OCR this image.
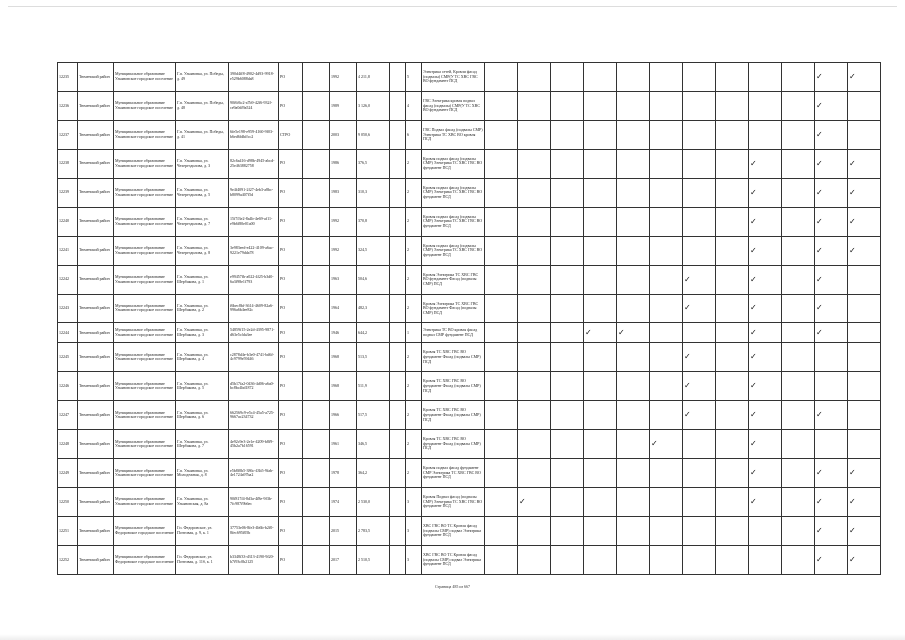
12235	Тюменский район	Муниципальное образование Ульяновское городское поселение	Г.п. Ульяновка, ул. Победы, д. 49	390d4ff8-4902-4d93-9918-e529b6088da8	РО		1992	4 211,8		5	Электрика сетей, Кровли фасад (подвалы) СМР(У ТС ХВС ГВС ВО фундамент ПСД											✓	✓	
12236	Тюменский район	Муниципальное образование Ульяновское городское поселение	Г.п. Ульяновка, ул. Победы, д. 48	90f6f6c2-a7b9-42f6-932f-ce9a0df9a524	РО		1989	3 126,0		4	ГВС Электрика кровля подвал фасад (подвалы) СМР(У ТС ХВС ВО фундамент ПСД											✓		
12237	Тюменский район	Муниципальное образование Ульяновское городское поселение	Г.п. Ульяновка, ул. Победы, д. 41	6fe5e198-e959-4160-9f03-b6ed6fdbffcc2	СТРО		2003	9 050,6		6	ГВС Подвал фасад (подвалы СМР) Электрика ТС ХВС ВО кровля ПСД											✓		
12238	Тюменский район	Муниципальное образование Ульяновское городское поселение	Г.п. Ульяновка, ул. Чехерездилова, д. 3	82c6a416-d98b-4945-abcd-25e463882758	РО		1986	376,5		2	Кровля подвал фасад (подвалы СМР) Электрика ТС ХВС ГВС ВО фундамент ПСД									✓		✓	✓	
12239	Тюменский район	Муниципальное образование Ульяновское городское поселение	Г.п. Ульяновка, ул. Чехерездилова, д. 5	9e4f4091-2f27-4eb3-a8bc-b8099a407f5d	РО		1983	310,3		2	Кровля подвал фасад (подвалы СМР) Электрика ТС ХВС ГВС ВО фундамент ПСД									✓		✓	✓	
12240	Тюменский район	Муниципальное образование Ульяновское городское поселение	Г.п. Ульяновка, ул. Чехерездилова, д. 7	15f7f3e2-8a4b-4e69-af11-e9b6f80e01a00	РО		1992	370,8		2	Кровля подвал фасад (подвалы СМР) Электрика ТС ХВС ГВС ВО фундамент ПСД									✓		✓	✓	
12241	Тюменский район	Муниципальное образование Ульяновское городское поселение	Г.п. Ульяновка, ул. Чехерездилова, д. 8	3e983eed-e422-4109-a6ac-9221e79dda78	РО		1992	324,5		2	Кровля подвал фасад (подвалы СМР) Электрика ТС ХВС ГВС ВО фундамент ПСД									✓		✓	✓	
12242	Тюменский район	Муниципальное образование Ульяновское городское поселение	Г.п. Ульяновка, ул. Шербакова, д. 1	e99457fb-a022-4f25-b3d0-6a3f98e1f793	РО		1963	504,6		2	Кровля Электрика ТС ХВС ГВС ВО фундамент Фасад (подвалы СМР) ПСД							✓		✓		✓		
12243	Тюменский район	Муниципальное образование Ульяновское городское поселение	Г.п. Ульяновка, ул. Шербакова, д. 2	f6bec8bf-3614-4609-82a6-996a6b4ee82c	РО		1964	482,3		2	Кровля Электрика ТС ХВС ГВС ВО фундамент Фасад (подвалы СМР) ПСД							✓		✓		✓		
12244	Тюменский район	Муниципальное образование Ульяновское городское поселение	Г.п. Ульяновка, ул. Шербакова, д. 3	54859f15-2e2d-4395-9871-d63e5cfda3ee	РО		1946	644,2		1	Электрика ТС ВО кровля фасад подвал СМР фундамент ПСД				✓	✓				✓		✓		
12245	Тюменский район	Муниципальное образование Ульяновское городское поселение	Г.п. Ульяновка, ул. Шербакова, д. 4	c2878d4e-b3e0-4741-bd6f-4c9799e59446	РО		1968	513,5		2	Кровля ТС ХВС ГВС ВО фундамент Фасад (подвалы СМР) ПСД							✓		✓				
12246	Тюменский район	Муниципальное образование Ульяновское городское поселение	Г.п. Ульяновка, ул. Шербакова, д. 5	d5b17fa2-0436-4d06-a6a0-bc8bc4bd1872	РО		1968	511,9		2	Кровля ТС ХВС ГВС ВО фундамент Фасад (подвалы СМР) ПСД							✓		✓				
12247	Тюменский район	Муниципальное образование Ульяновское городское поселение	Г.п. Ульяновка, ул. Шербакова, д. 6	662569c9-e5c4-45a5-a725-9667ac234732	РО		1966	517,5		2	Кровля ТС ХВС ГВС ВО фундамент Фасад (подвалы СМР) ПСД							✓		✓		✓		
12248	Тюменский район	Муниципальное образование Ульяновское городское поселение	Г.п. Ульяновка, ул. Шербакова, д. 7	4e92c9e3-2e1e-4209-b8f9-45b2a7b16591	РО		1961	346,5		2	Кровля ТС ХВС ГВС ВО фундамент Фасад (подвалы СМР) ПСД						✓			✓				
12249	Тюменский район	Муниципальное образование Ульяновское городское поселение	Г.п. Ульяновка, ул. Молодежная, д. 8	e5b8f0b5-386c-43b5-9fab-4e1724a97ba2	РО		1978	364,2		2	Кровля подвал фасад фундамент СМР Электрика ТС ХВС ГВС ВО фундамент ПСД									✓		✓	✓	
12250	Тюменский район	Муниципальное образование Ульяновское городское поселение	Г.п. Ульяновка, ул. Ульяновская, д. 8а	90f817f4-8d3a-4f8e-9f3b-7fc987f9b6ec	РО		1974	2 530,0		3	Кровля Подвал фасад (подвалы СМР) Электрика ТС ХВС ГВС ВО фундамент ПСД		✓							✓		✓	✓	
12251	Тюменский район	Муниципальное образование Федоровское городское поселение	Гп. Федоровское, ул. Почтовая, д. 9, к. 1	37753e06-8fe3-4b6b-b2f0-8fec695f05b	РО		2015	2 783,5		3	ХВС ГВС ВО ТС Кровля фасад (подвалы СМР) подвал Электрика фундамент ПСД											✓	✓	
12252	Тюменский район	Муниципальное образование Федоровское городское поселение	Гп. Федоровское, ул. Почтовая, д. 11б, к. 1	b3348f33-d313-4190-9f20-b7f93c0b2125	РО		2017	2 510,5		3	ХВС ГВС ВО ТС Кровля фасад (подвалы СМР) подвал Электрика фундамент ПСД											✓	✓	
Страница 485 из 667
